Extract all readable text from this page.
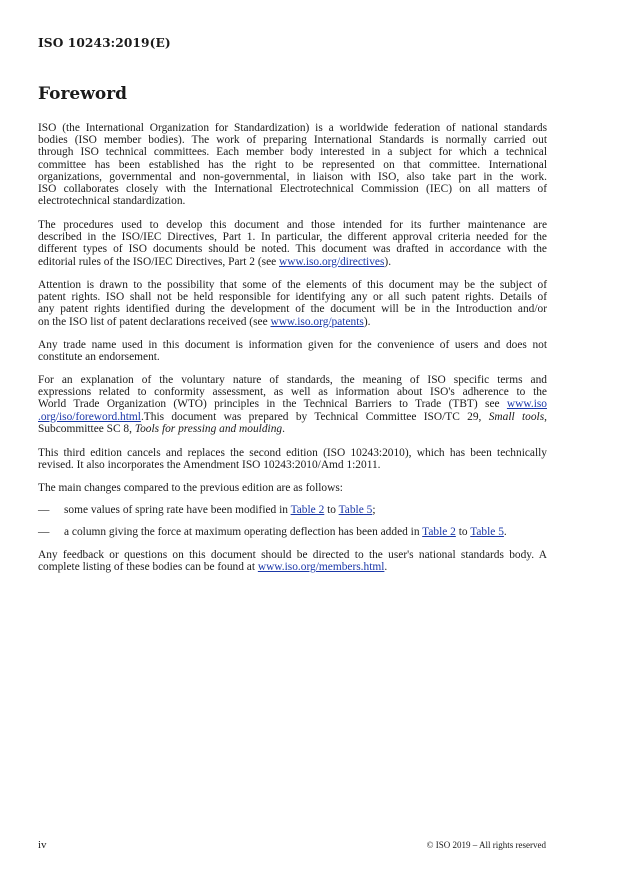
ISO 10243:2019(E)
Foreword
ISO (the International Organization for Standardization) is a worldwide federation of national standards
bodies (ISO member bodies). The work of preparing International Standards is normally carried out
through ISO technical committees. Each member body interested in a subject for which a technical
committee has been established has the right to be represented on that committee. International
organizations, governmental and non-governmental, in liaison with ISO, also take part in the work.
ISO collaborates closely with the International Electrotechnical Commission (IEC) on all matters of
electrotechnical standardization.
The procedures used to develop this document and those intended for its further maintenance are
described in the ISO/IEC Directives, Part 1. In particular, the different approval criteria needed for the
different types of ISO documents should be noted. This document was drafted in accordance with the
editorial rules of the ISO/IEC Directives, Part 2 (see www.iso.org/directives).
Attention is drawn to the possibility that some of the elements of this document may be the subject of
patent rights. ISO shall not be held responsible for identifying any or all such patent rights. Details of
any patent rights identified during the development of the document will be in the Introduction and/or
on the ISO list of patent declarations received (see www.iso.org/patents).
Any trade name used in this document is information given for the convenience of users and does not
constitute an endorsement.
For an explanation of the voluntary nature of standards, the meaning of ISO specific terms and
expressions related to conformity assessment, as well as information about ISO's adherence to the
World Trade Organization (WTO) principles in the Technical Barriers to Trade (TBT) see www.iso
.org/iso/foreword.html.This document was prepared by Technical Committee ISO/TC 29, Small tools,
Subcommittee SC 8, Tools for pressing and moulding.
This third edition cancels and replaces the second edition (ISO 10243:2010), which has been technically
revised. It also incorporates the Amendment ISO 10243:2010/Amd 1:2011.
The main changes compared to the previous edition are as follows:
—	some values of spring rate have been modified in Table 2 to Table 5;
—	a column giving the force at maximum operating deflection has been added in Table 2 to Table 5.
Any feedback or questions on this document should be directed to the user's national standards body. A
complete listing of these bodies can be found at www.iso.org/members.html.
iv	© ISO 2019 – All rights reserved
